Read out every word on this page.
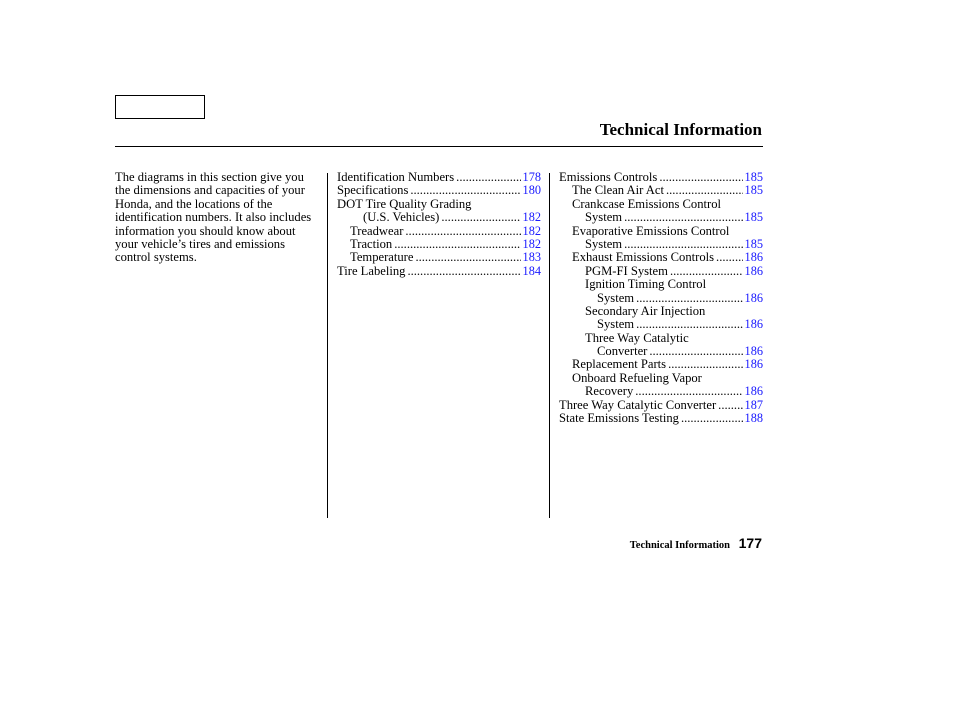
Technical Information
The diagrams in this section give you the dimensions and capacities of your Honda, and the locations of the identification numbers. It also includes information you should know about your vehicle’s tires and emissions control systems.
Identification Numbers .....	178
Specifications .....	180
DOT Tire Quality Grading
(U.S. Vehicles) .....	182
Treadwear .....	182
Traction .....	182
Temperature .....	183
Tire Labeling .....	184
Emissions Controls .....	185
The Clean Air Act .....	185
Crankcase Emissions Control
System .....	185
Evaporative Emissions Control
System .....	185
Exhaust Emissions Controls ..... 186
PGM-FI System .....	186
Ignition Timing Control
System .....	186
Secondary Air Injection
System .....	186
Three Way Catalytic
Converter .....	186
Replacement Parts .....	186
Onboard Refueling Vapor
Recovery .....	186
Three Way Catalytic Converter ..... 187
State Emissions Testing .....	188
Technical Information 177
